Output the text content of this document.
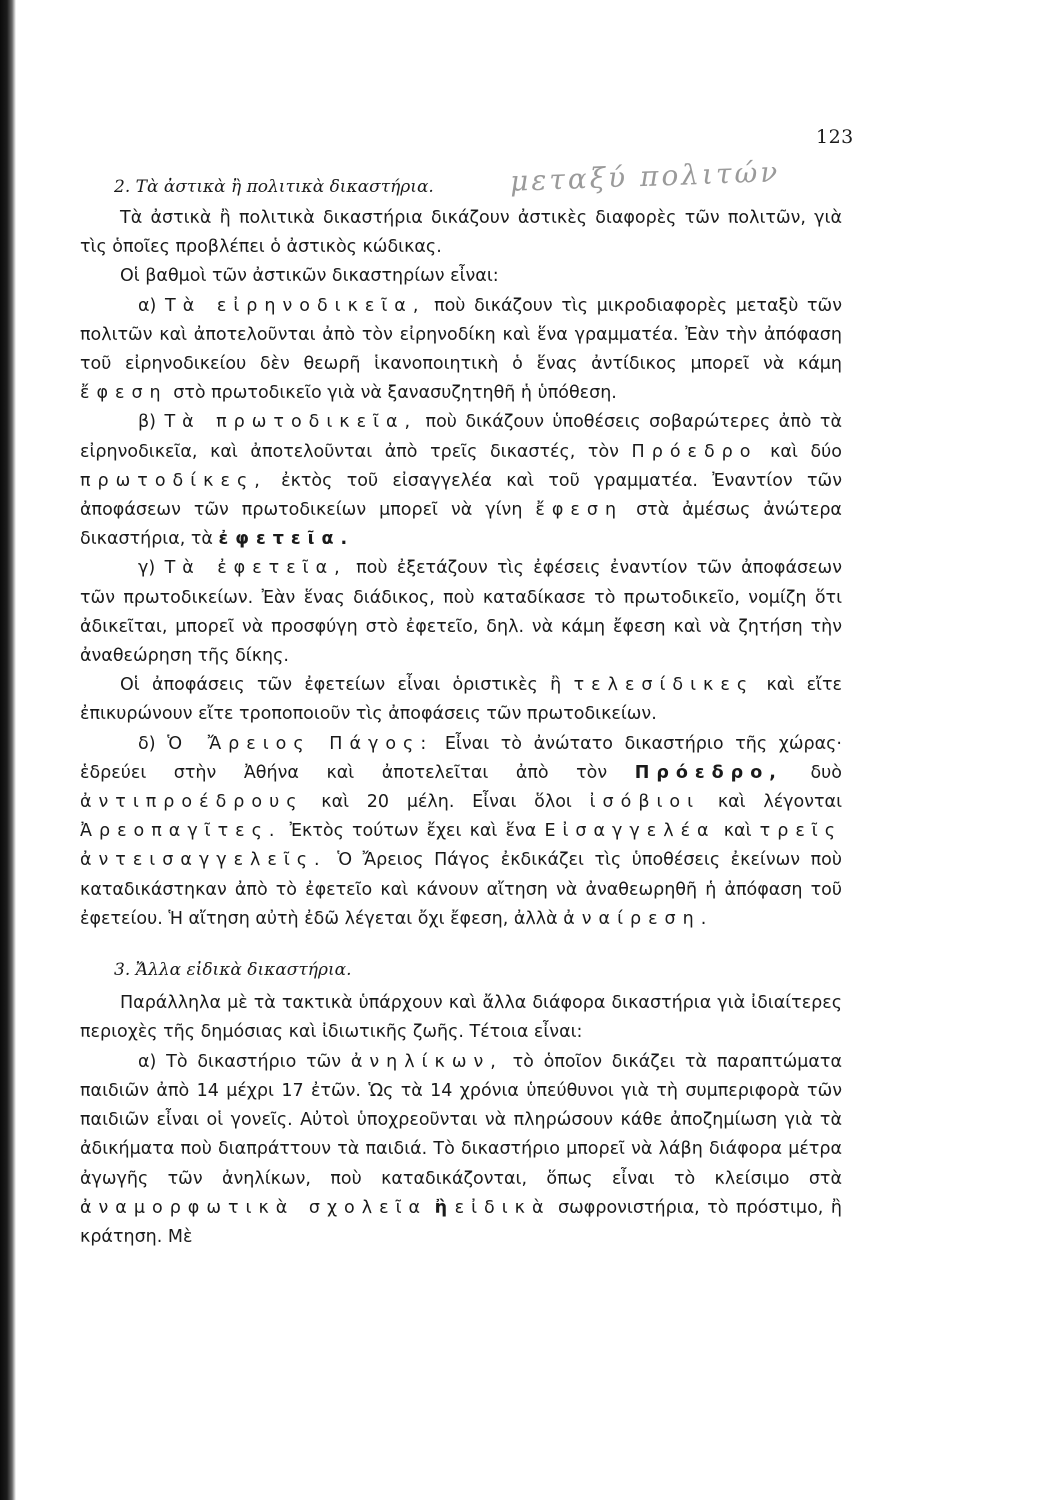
123
μεταξύ πολιτών

2. Τὰ ἀστικὰ ἢ πολιτικὰ δικαστήρια.

Τὰ ἀστικὰ ἢ πολιτικὰ δικαστήρια δικάζουν ἀστικὲς διαφορὲς τῶν πολιτῶν, γιὰ τὶς ὁποῖες προβλέπει ὁ ἀστικὸς κώδικας.

Οἱ βαθμοὶ τῶν ἀστικῶν δικαστηρίων εἶναι:

α) Τὰ εἰρηνοδικεῖα, ποὺ δικάζουν τὶς μικροδιαφορὲς μεταξὺ τῶν πολιτῶν καὶ ἀποτελοῦνται ἀπὸ τὸν εἰρηνοδίκη καὶ ἕνα γραμματέα. Ἐὰν τὴν ἀπόφαση τοῦ εἰρηνοδικείου δὲν θεωρῆ ἱκανοποιητικὴ ὁ ἕνας ἀντίδικος μπορεῖ νὰ κάμη ἔφεση στὸ πρωτοδικεῖο γιὰ νὰ ξανασυζητηθῆ ἡ ὑπόθεση.

β) Τὰ πρωτοδικεῖα, ποὺ δικάζουν ὑποθέσεις σοβαρώτερες ἀπὸ τὰ εἰρηνοδικεῖα, καὶ ἀποτελοῦνται ἀπὸ τρεῖς δικαστές, τὸν Πρόεδρο καὶ δύο πρωτοδίκες, ἐκτὸς τοῦ εἰσαγγελέα καὶ τοῦ γραμματέα. Ἐναντίον τῶν ἀποφάσεων τῶν πρωτοδικείων μπορεῖ νὰ γίνη ἔφεση στὰ ἀμέσως ἀνώτερα δικαστήρια, τὰ ἐφετεῖα.

γ) Τὰ ἐφετεῖα, ποὺ ἐξετάζουν τὶς ἐφέσεις ἐναντίον τῶν ἀποφάσεων τῶν πρωτοδικείων. Ἐὰν ἕνας διάδικος, ποὺ καταδίκασε τὸ πρωτοδικεῖο, νομίζη ὅτι ἀδικεῖται, μπορεῖ νὰ προσφύγη στὸ ἐφετεῖο, δηλ. νὰ κάμη ἔφεση καὶ νὰ ζητήση τὴν ἀναθεώρηση τῆς δίκης.

Οἱ ἀποφάσεις τῶν ἐφετείων εἶναι ὁριστικὲς ἢ τελεσίδικες καὶ εἴτε ἐπικυρώνουν εἴτε τροποποιοῦν τὶς ἀποφάσεις τῶν πρωτοδικείων.

δ) Ὁ Ἄρειος Πάγος: Εἶναι τὸ ἀνώτατο δικαστήριο τῆς χώρας· ἑδρεύει στὴν Ἀθήνα καὶ ἀποτελεῖται ἀπὸ τὸν Πρόεδρο, δυὸ ἀντιπροέδρους καὶ 20 μέλη. Εἶναι ὅλοι ἰσόβιοι καὶ λέγονται Ἀρεοπαγῖτες. Ἐκτὸς τούτων ἔχει καὶ ἕνα Εἰσαγγελέα καὶ τρεῖς ἀντεισαγγελεῖς. Ὁ Ἄρειος Πάγος ἐκδικάζει τὶς ὑποθέσεις ἐκείνων ποὺ καταδικάστηκαν ἀπὸ τὸ ἐφετεῖο καὶ κάνουν αἴτηση νὰ ἀναθεωρηθῆ ἡ ἀπόφαση τοῦ ἐφετείου. Ἡ αἴτηση αὐτὴ ἐδῶ λέγεται ὄχι ἔφεση, ἀλλὰ ἀναίρεση.

3. Ἄλλα εἰδικὰ δικαστήρια.

Παράλληλα μὲ τὰ τακτικὰ ὑπάρχουν καὶ ἄλλα διάφορα δικαστήρια γιὰ ἰδιαίτερες περιοχὲς τῆς δημόσιας καὶ ἰδιωτικῆς ζωῆς. Τέτοια εἶναι:

α) Τὸ δικαστήριο τῶν ἀνηλίκων, τὸ ὁποῖον δικάζει τὰ παραπτώματα παιδιῶν ἀπὸ 14 μέχρι 17 ἐτῶν. Ὡς τὰ 14 χρόνια ὑπεύθυνοι γιὰ τὴ συμπεριφορὰ τῶν παιδιῶν εἶναι οἱ γονεῖς. Αὐτοὶ ὑποχρεοῦνται νὰ πληρώσουν κάθε ἀποζημίωση γιὰ τὰ ἀδικήματα ποὺ διαπράττουν τὰ παιδιά. Τὸ δικαστήριο μπορεῖ νὰ λάβη διάφορα μέτρα ἀγωγῆς τῶν ἀνηλίκων, ποὺ καταδικάζονται, ὅπως εἶναι τὸ κλείσιμο στὰ ἀναμορφωτικὰ σχολεῖα ἢ εἰδικὰ σωφρονιστήρια, τὸ πρόστιμο, ἢ κράτηση. Μὲ
